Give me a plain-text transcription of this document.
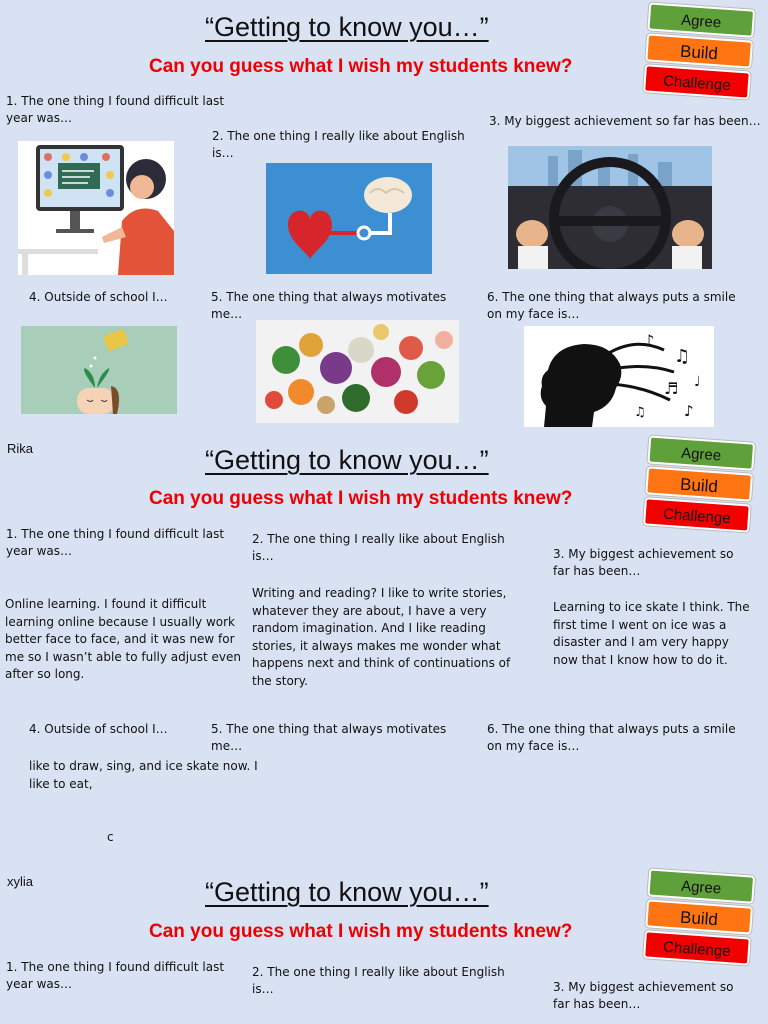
“Getting to know you…”
Can you guess what I wish my students knew?
Agree
Build
Challenge
1. The one thing I found difficult last year was…
2. The one thing I really like about English is…
3. My biggest achievement so far has been…
4. Outside of school I…	5. The one thing that always motivates me…
6. The one thing that always puts a smile on my face is…
♪
♫
♩
♬
♪
♫
Rika	“Getting to know you…”
Can you guess what I wish my students knew?
Agree
Build
Challenge
1. The one thing I found difficult last year was…
2. The one thing I really like about English is…	3. My biggest achievement so far has been…
Online learning. I found it difficult learning online because I usually work better face to face, and it was new for me so I wasn’t able to fully adjust even after so long.
Writing and reading? I like to write stories, whatever they are about, I have a very random imagination. And I like reading stories, it always makes me wonder what happens next and think of continuations of the story.
Learning to ice skate I think. The first time I went on ice was a disaster and I am very happy now that I know how to do it.
4. Outside of school I…	5. The one thing that always motivates me…
6. The one thing that always puts a smile on my face is…
like to draw, sing, and ice skate now. I like to eat,
c
xylia	“Getting to know you…”
Can you guess what I wish my students knew?
Agree
Build
Challenge
1. The one thing I found difficult last year was…
2. The one thing I really like about English is…	3. My biggest achievement so far has been…
